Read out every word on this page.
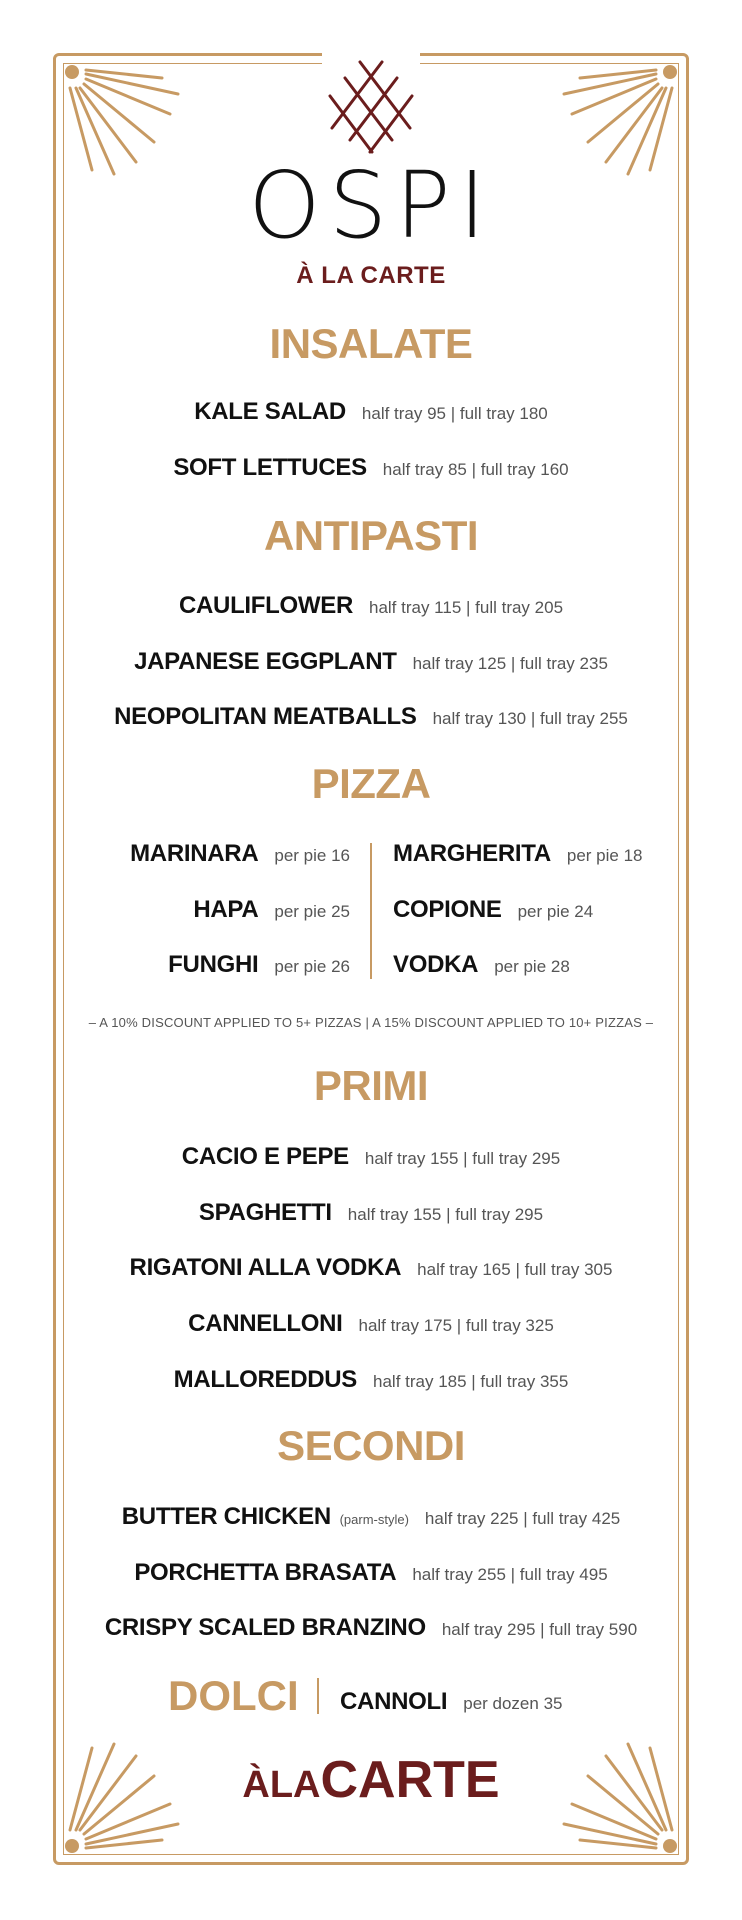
OSPI
À LA CARTE
INSALATE
KALE SALAD half tray 95 | full tray 180
SOFT LETTUCES half tray 85 | full tray 160
ANTIPASTI
CAULIFLOWER half tray 115 | full tray 205
JAPANESE EGGPLANT half tray 125 | full tray 235
NEOPOLITAN MEATBALLS half tray 130 | full tray 255
PIZZA
MARINARA per pie 16
HAPA per pie 25
FUNGHI per pie 26
MARGHERITA per pie 18
COPIONE per pie 24
VODKA per pie 28
– A 10% DISCOUNT APPLIED TO 5+ PIZZAS | A 15% DISCOUNT APPLIED TO 10+ PIZZAS –
PRIMI
CACIO E PEPE half tray 155 | full tray 295
SPAGHETTI half tray 155 | full tray 295
RIGATONI ALLA VODKA half tray 165 | full tray 305
CANNELLONI half tray 175 | full tray 325
MALLOREDDUS half tray 185 | full tray 355
SECONDI
BUTTER CHICKEN (parm-style) half tray 225 | full tray 425
PORCHETTA BRASATA half tray 255 | full tray 495
CRISPY SCALED BRANZINO half tray 295 | full tray 590
DOLCI CANNOLI per dozen 35
ÀLACARTE
